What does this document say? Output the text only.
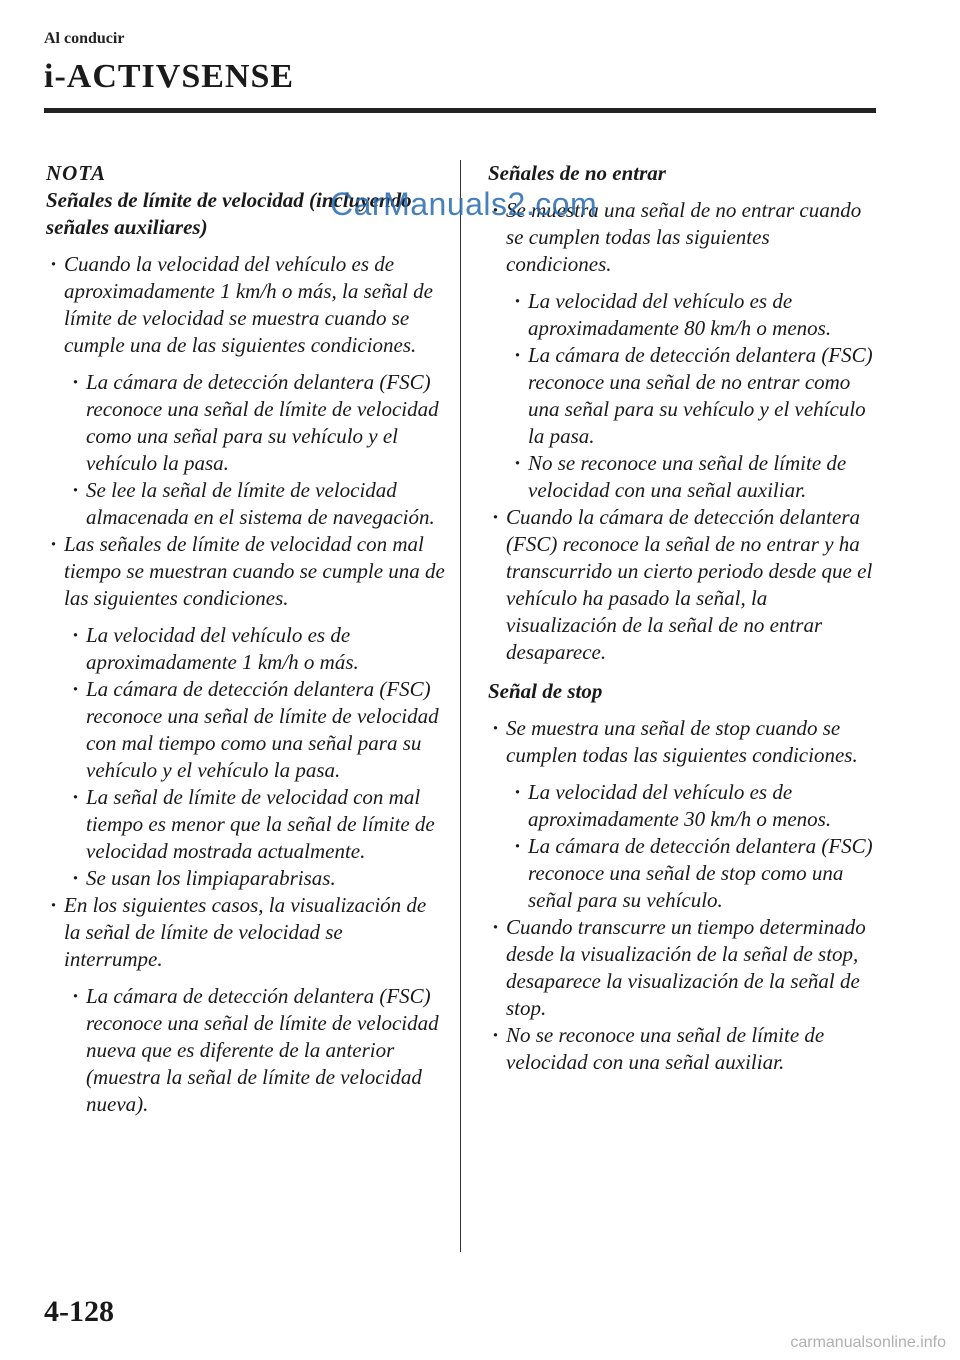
Al conducir
i-ACTIVSENSE

NOTA

Señales de límite de velocidad (incluyendo señales auxiliares)

· Cuando la velocidad del vehículo es de aproximadamente 1 km/h o más, la señal de límite de velocidad se muestra cuando se cumple una de las siguientes condiciones.

· La cámara de detección delantera (FSC) reconoce una señal de límite de velocidad como una señal para su vehículo y el vehículo la pasa.

· Se lee la señal de límite de velocidad almacenada en el sistema de navegación.

· Las señales de límite de velocidad con mal tiempo se muestran cuando se cumple una de las siguientes condiciones.

· La velocidad del vehículo es de aproximadamente 1 km/h o más.

· La cámara de detección delantera (FSC) reconoce una señal de límite de velocidad con mal tiempo como una señal para su vehículo y el vehículo la pasa.

· La señal de límite de velocidad con mal tiempo es menor que la señal de límite de velocidad mostrada actualmente.

· Se usan los limpiaparabrisas.

· En los siguientes casos, la visualización de la señal de límite de velocidad se interrumpe.

· La cámara de detección delantera (FSC) reconoce una señal de límite de velocidad nueva que es diferente de la anterior (muestra la señal de límite de velocidad nueva).

Señales de no entrar

· Se muestra una señal de no entrar cuando se cumplen todas las siguientes condiciones.

· La velocidad del vehículo es de aproximadamente 80 km/h o menos.

· La cámara de detección delantera (FSC) reconoce una señal de no entrar como una señal para su vehículo y el vehículo la pasa.

· No se reconoce una señal de límite de velocidad con una señal auxiliar.

· Cuando la cámara de detección delantera (FSC) reconoce la señal de no entrar y ha transcurrido un cierto periodo desde que el vehículo ha pasado la señal, la visualización de la señal de no entrar desaparece.

Señal de stop

· Se muestra una señal de stop cuando se cumplen todas las siguientes condiciones.

· La velocidad del vehículo es de aproximadamente 30 km/h o menos.

· La cámara de detección delantera (FSC) reconoce una señal de stop como una señal para su vehículo.

· Cuando transcurre un tiempo determinado desde la visualización de la señal de stop, desaparece la visualización de la señal de stop.

· No se reconoce una señal de límite de velocidad con una señal auxiliar.

CarManuals2.com
4-128
carmanualsonline.info
